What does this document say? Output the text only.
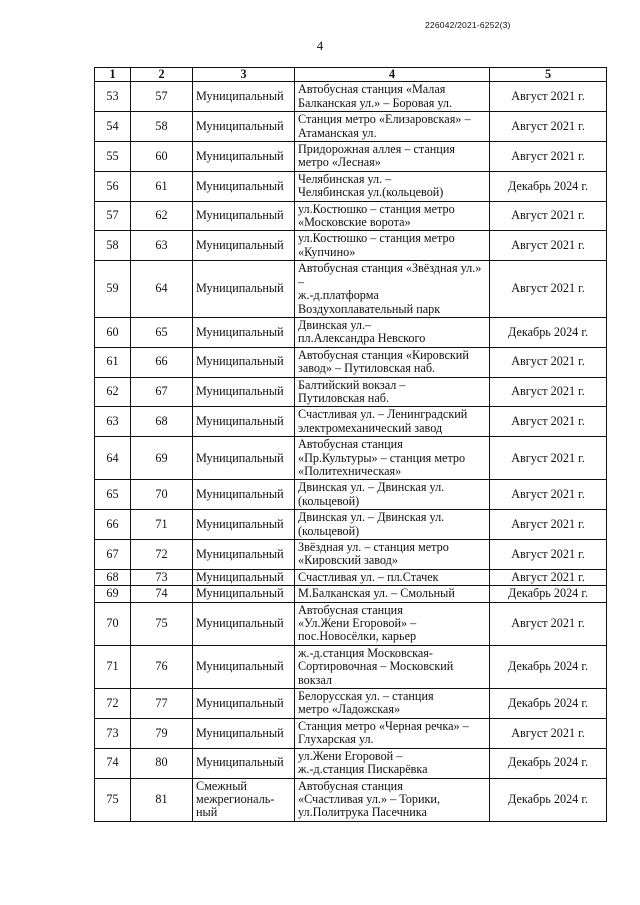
226042/2021-6252(3)
4
1	2	3	4	5
53	57	Муниципальный	Автобусная станция «Малая
Балканская ул.» – Боровая ул.	Август 2021 г.
54	58	Муниципальный	Станция метро «Елизаровская» –
Атаманская ул.	Август 2021 г.
55	60	Муниципальный	Придорожная аллея – станция
метро «Лесная»	Август 2021 г.
56	61	Муниципальный	Челябинская ул. –
Челябинская ул.(кольцевой)	Декабрь 2024 г.
57	62	Муниципальный	ул.Костюшко – станция метро
«Московские ворота»	Август 2021 г.
58	63	Муниципальный	ул.Костюшко – станция метро
«Купчино»	Август 2021 г.
59	64	Муниципальный	Автобусная станция «Звёздная ул.» –
ж.-д.платформа
Воздухоплавательный парк	Август 2021 г.
60	65	Муниципальный	Двинская ул.–
пл.Александра Невского	Декабрь 2024 г.
61	66	Муниципальный	Автобусная станция «Кировский
завод» – Путиловская наб.	Август 2021 г.
62	67	Муниципальный	Балтийский вокзал –
Путиловская наб.	Август 2021 г.
63	68	Муниципальный	Счастливая ул. – Ленинградский
электромеханический завод	Август 2021 г.
64	69	Муниципальный	Автобусная станция
«Пр.Культуры» – станция метро
«Политехническая»	Август 2021 г.
65	70	Муниципальный	Двинская ул. – Двинская ул.
(кольцевой)	Август 2021 г.
66	71	Муниципальный	Двинская ул. – Двинская ул.
(кольцевой)	Август 2021 г.
67	72	Муниципальный	Звёздная ул. – станция метро
«Кировский завод»	Август 2021 г.
68	73	Муниципальный	Счастливая ул. – пл.Стачек	Август 2021 г.
69	74	Муниципальный	М.Балканская ул. – Смольный	Декабрь 2024 г.
70	75	Муниципальный	Автобусная станция
«Ул.Жени Егоровой» –
пос.Новосёлки, карьер	Август 2021 г.
71	76	Муниципальный	ж.-д.станция Московская-
Сортировочная – Московский
вокзал	Декабрь 2024 г.
72	77	Муниципальный	Белорусская ул. – станция
метро «Ладожская»	Декабрь 2024 г.
73	79	Муниципальный	Станция метро «Черная речка» –
Глухарская ул.	Август 2021 г.
74	80	Муниципальный	ул.Жени Егоровой –
ж.-д.станция Пискарёвка	Декабрь 2024 г.
75	81	Смежный
межрегиональ-
ный	Автобусная станция
«Счастливая ул.» – Торики,
ул.Политрука Пасечника	Декабрь 2024 г.
